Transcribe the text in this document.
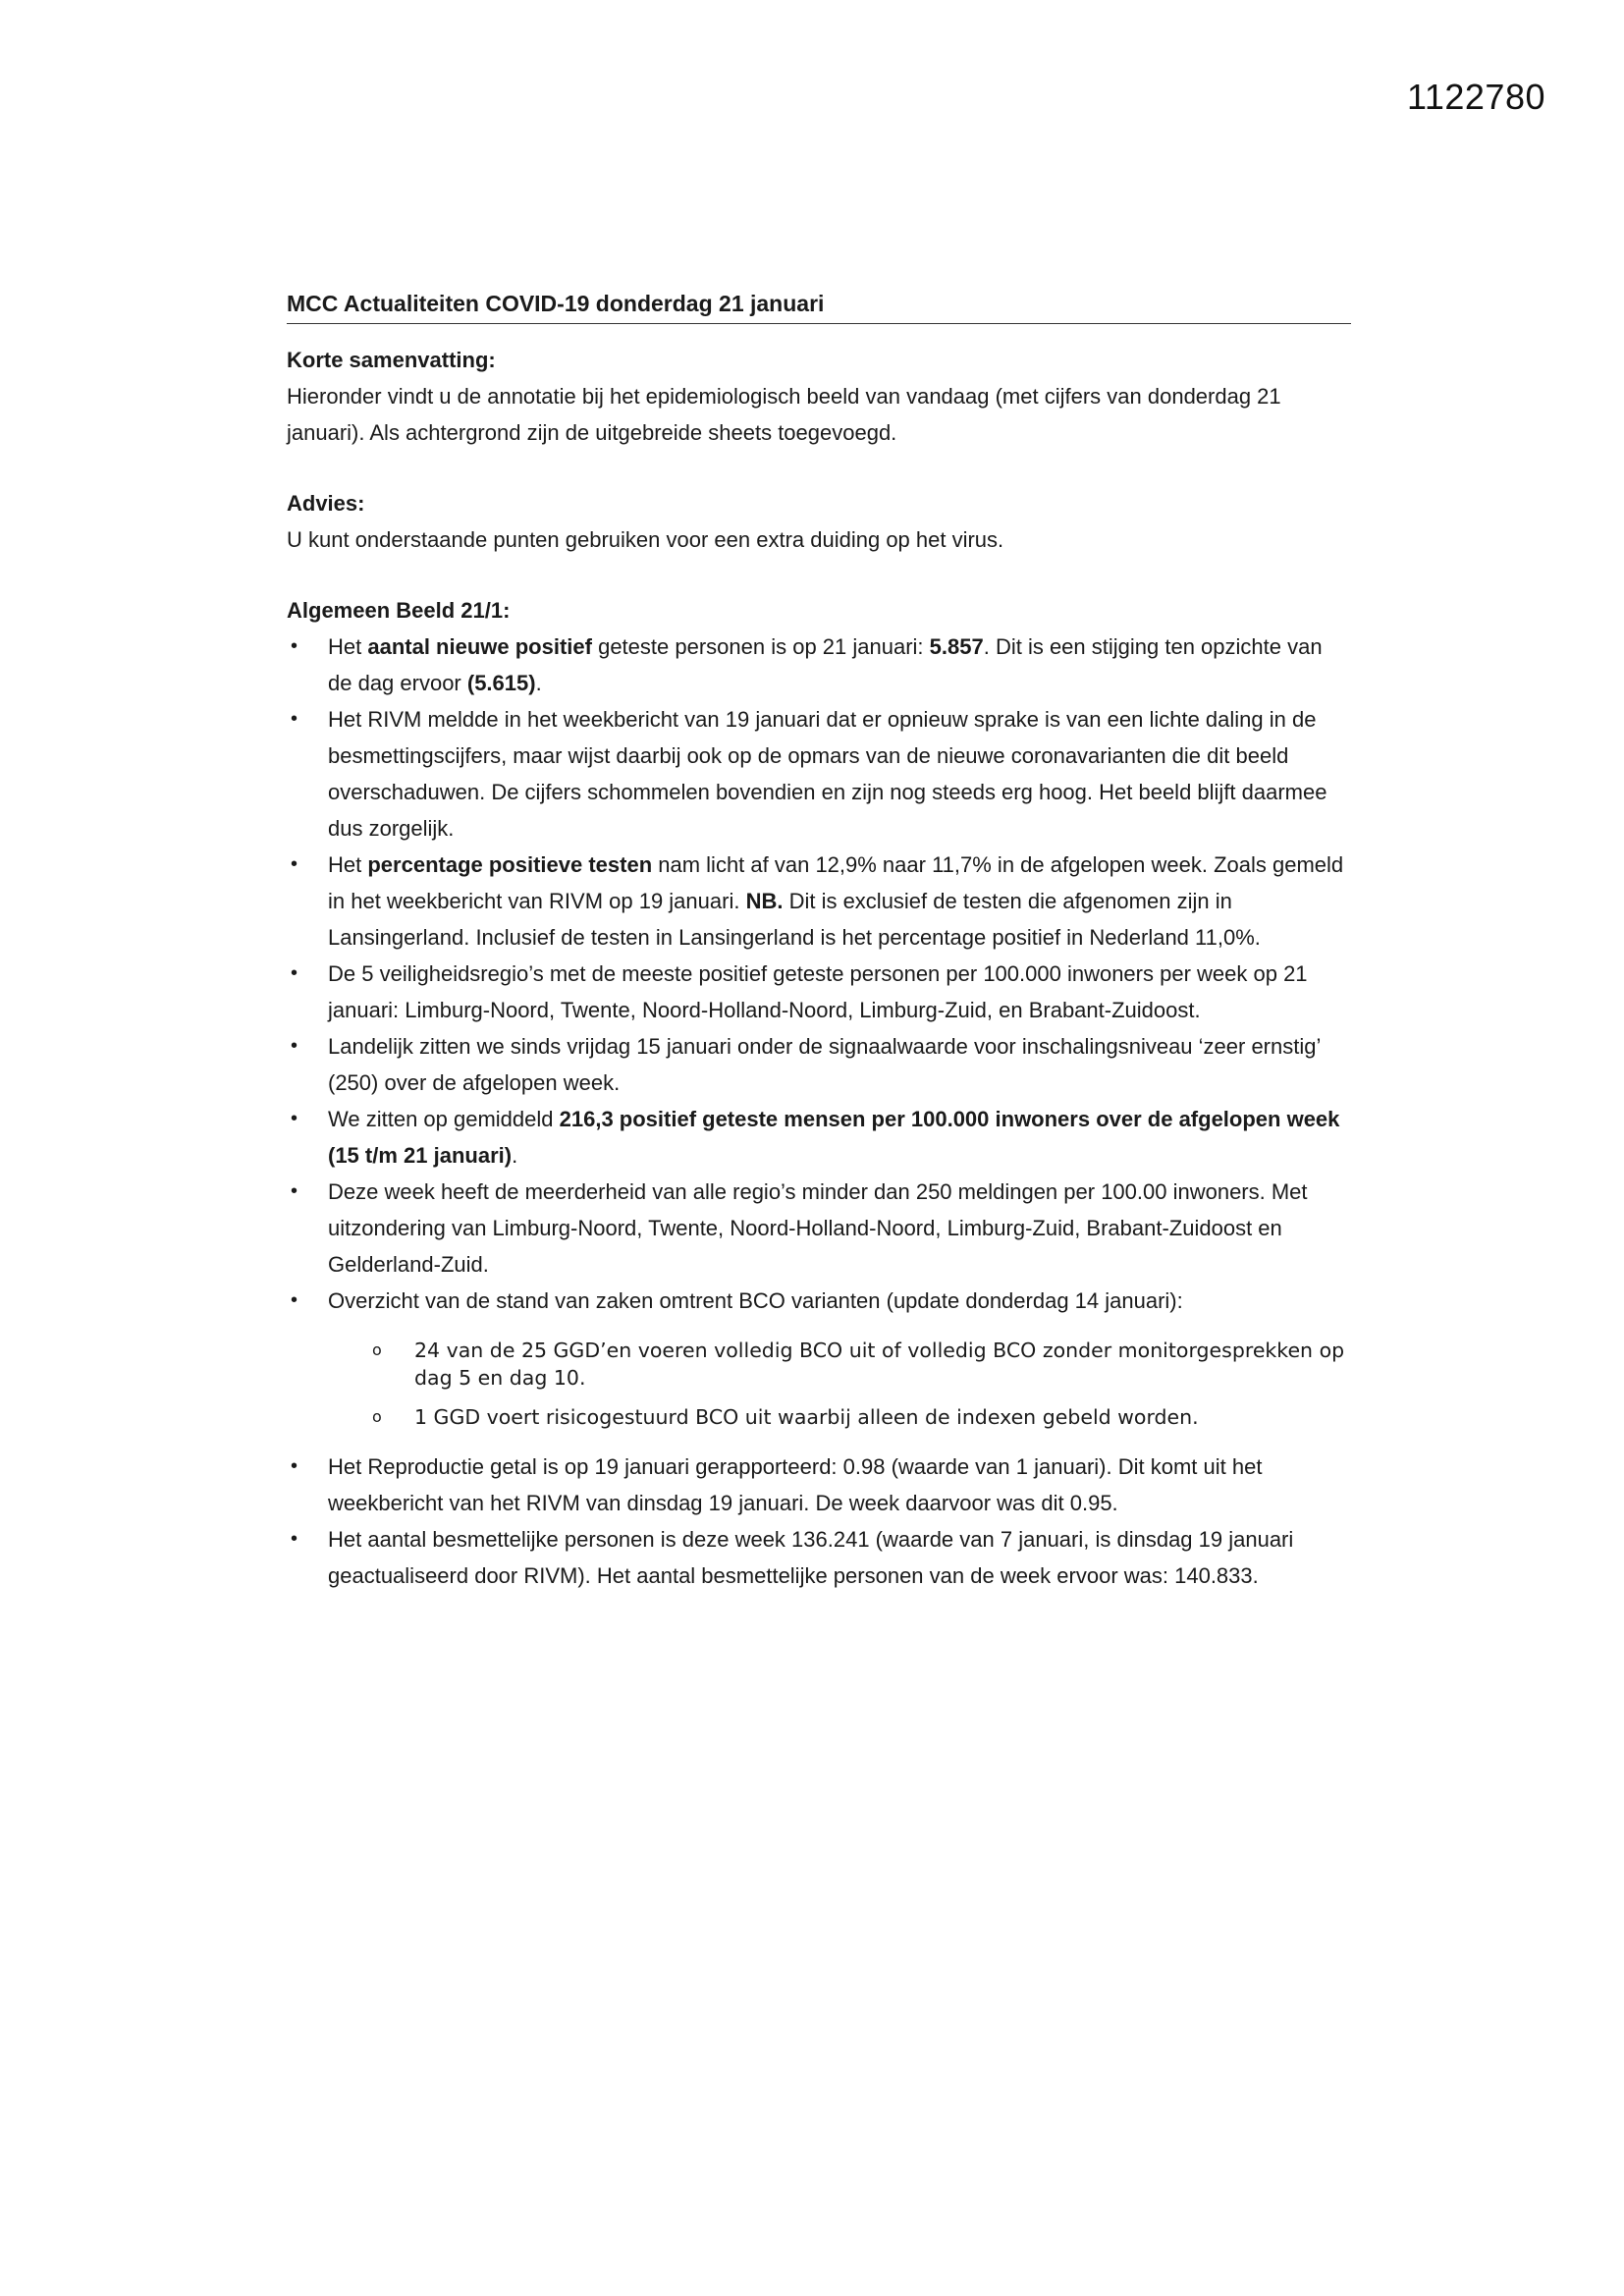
1122780
MCC Actualiteiten COVID-19 donderdag 21 januari

Korte samenvatting:

Hieronder vindt u de annotatie bij het epidemiologisch beeld van vandaag (met cijfers van donderdag 21 januari). Als achtergrond zijn de uitgebreide sheets toegevoegd.

Advies:

U kunt onderstaande punten gebruiken voor een extra duiding op het virus.

Algemeen Beeld 21/1:

• Het aantal nieuwe positief geteste personen is op 21 januari: 5.857. Dit is een stijging ten opzichte van de dag ervoor (5.615).
• Het RIVM meldde in het weekbericht van 19 januari dat er opnieuw sprake is van een lichte daling in de besmettingscijfers, maar wijst daarbij ook op de opmars van de nieuwe coronavarianten die dit beeld overschaduwen. De cijfers schommelen bovendien en zijn nog steeds erg hoog. Het beeld blijft daarmee dus zorgelijk.
• Het percentage positieve testen nam licht af van 12,9% naar 11,7% in de afgelopen week. Zoals gemeld in het weekbericht van RIVM op 19 januari. NB. Dit is exclusief de testen die afgenomen zijn in Lansingerland. Inclusief de testen in Lansingerland is het percentage positief in Nederland 11,0%.
• De 5 veiligheidsregio’s met de meeste positief geteste personen per 100.000 inwoners per week op 21 januari: Limburg-Noord, Twente, Noord-Holland-Noord, Limburg-Zuid, en Brabant-Zuidoost.
• Landelijk zitten we sinds vrijdag 15 januari onder de signaalwaarde voor inschalingsniveau ‘zeer ernstig’ (250) over de afgelopen week.
• We zitten op gemiddeld 216,3 positief geteste mensen per 100.000 inwoners over de afgelopen week (15 t/m 21 januari).
• Deze week heeft de meerderheid van alle regio’s minder dan 250 meldingen per 100.00 inwoners. Met uitzondering van Limburg-Noord, Twente, Noord-Holland-Noord, Limburg-Zuid, Brabant-Zuidoost en Gelderland-Zuid.
• Overzicht van de stand van zaken omtrent BCO varianten (update donderdag 14 januari):
o 24 van de 25 GGD’en voeren volledig BCO uit of volledig BCO zonder monitorgesprekken op dag 5 en dag 10.
o 1 GGD voert risicogestuurd BCO uit waarbij alleen de indexen gebeld worden.
• Het Reproductie getal is op 19 januari gerapporteerd: 0.98 (waarde van 1 januari). Dit komt uit het weekbericht van het RIVM van dinsdag 19 januari. De week daarvoor was dit 0.95.
• Het aantal besmettelijke personen is deze week 136.241 (waarde van 7 januari, is dinsdag 19 januari geactualiseerd door RIVM). Het aantal besmettelijke personen van de week ervoor was: 140.833.
